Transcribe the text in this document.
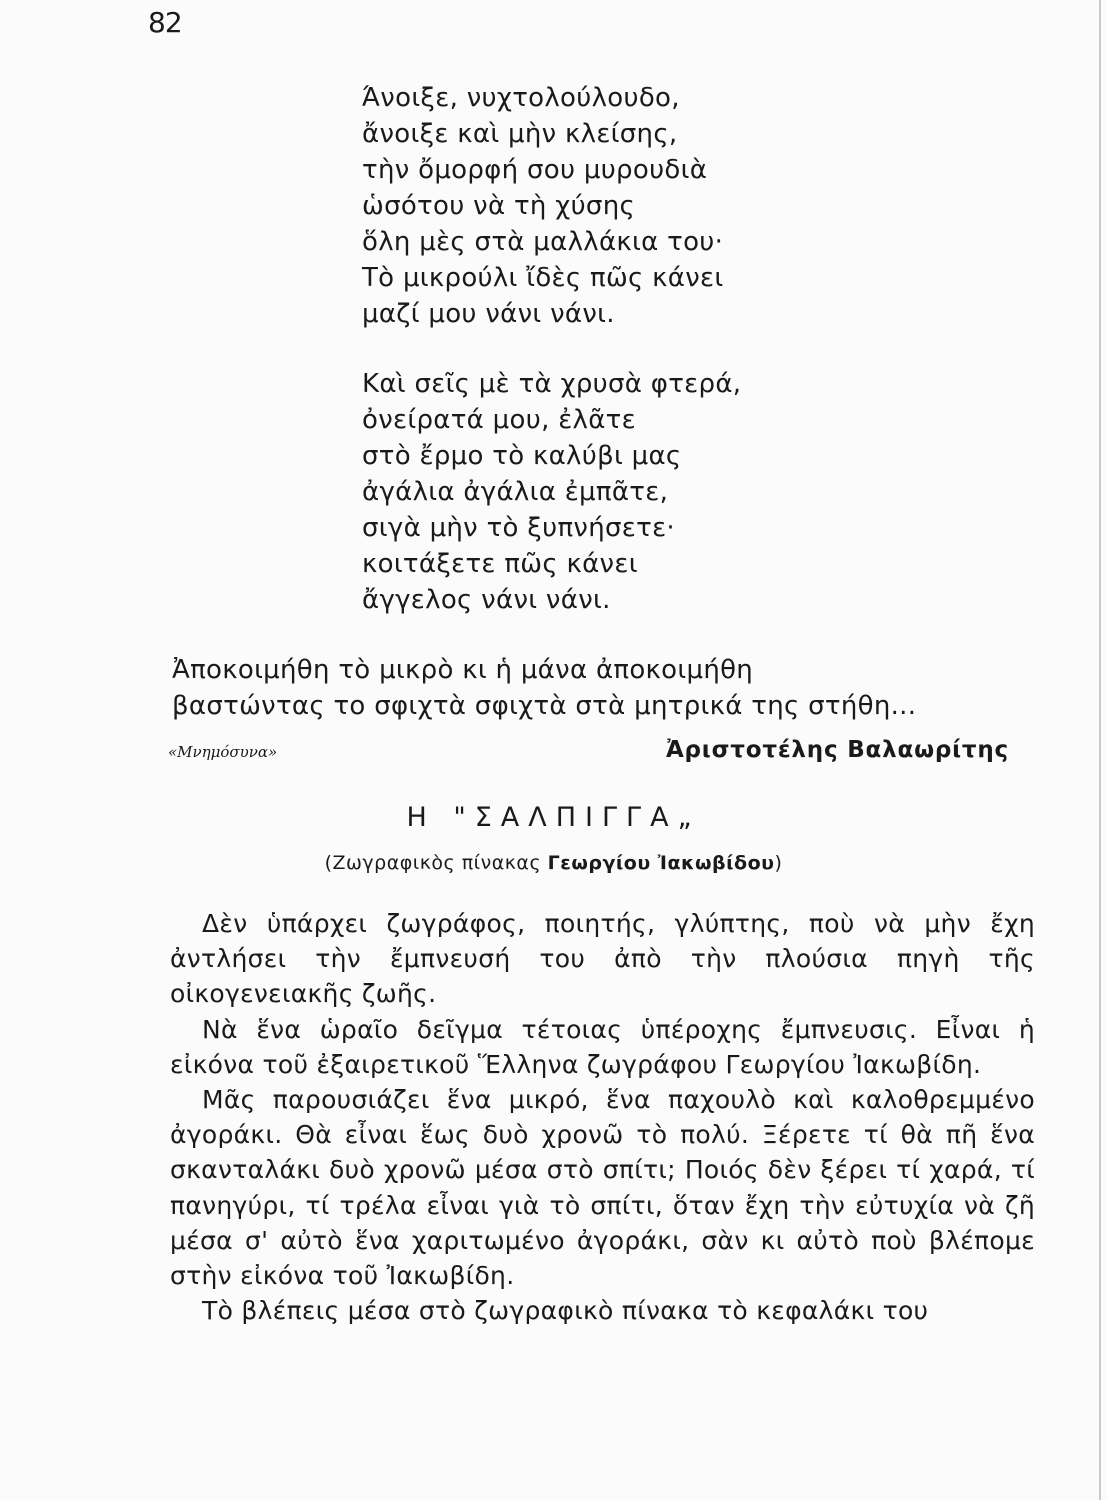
82
Άνοιξε, νυχτολούλουδο,
ἄνοιξε καὶ μὴν κλείσης,
τὴν ὄμορφή σου μυρουδιὰ
ὡσότου νὰ τὴ χύσης
ὅλη μὲς στὰ μαλλάκια του·
Τὸ μικρούλι ἴδὲς πῶς κάνει
μαζί μου νάνι νάνι.
Καὶ σεῖς μὲ τὰ χρυσὰ φτερά,
ὀνείρατά μου, ἐλᾶτε
στὸ ἔρμο τὸ καλύβι μας
ἀγάλια ἀγάλια ἐμπᾶτε,
σιγὰ μὴν τὸ ξυπνήσετε·
κοιτάξετε πῶς κάνει
ἄγγελος νάνι νάνι.
Ἀποκοιμήθη τὸ μικρὸ κι ἡ μάνα ἀποκοιμήθη
βαστώντας το σφιχτὰ σφιχτὰ στὰ μητρικά της στήθη...
«Μνημόσυνα»	Ἀριστοτέλης Βαλαωρίτης
Η "ΣΑΛΠΙΓΓΑ„
(Ζωγραφικὸς πίνακας Γεωργίου Ἰακωβίδου)

Δὲν ὑπάρχει ζωγράφος, ποιητής, γλύπτης, ποὺ νὰ μὴν ἔχη ἀντλήσει τὴν ἔμπνευσή του ἀπὸ τὴν πλούσια πηγὴ τῆς οἰκογενειακῆς ζωῆς.

Νὰ ἕνα ὡραῖο δεῖγμα τέτοιας ὑπέροχης ἔμπνευσις. Εἶναι ἡ εἰκόνα τοῦ ἐξαιρετικοῦ Ἕλληνα ζωγράφου Γεωργίου Ἰακωβίδη.

Μᾶς παρουσιάζει ἕνα μικρό, ἕνα παχουλὸ καὶ καλοθρεμμένο ἀγοράκι. Θὰ εἶναι ἕως δυὸ χρονῶ τὸ πολύ. Ξέρετε τί θὰ πῆ ἕνα σκανταλάκι δυὸ χρονῶ μέσα στὸ σπίτι; Ποιός δὲν ξέρει τί χαρά, τί πανηγύρι, τί τρέλα εἶναι γιὰ τὸ σπίτι, ὅταν ἔχη τὴν εὐτυχία νὰ ζῆ μέσα σ' αὐτὸ ἕνα χαριτωμένο ἀγοράκι, σὰν κι αὐτὸ ποὺ βλέπομε στὴν εἰκόνα τοῦ Ἰακωβίδη.

Τὸ βλέπεις μέσα στὸ ζωγραφικὸ πίνακα τὸ κεφαλάκι του
